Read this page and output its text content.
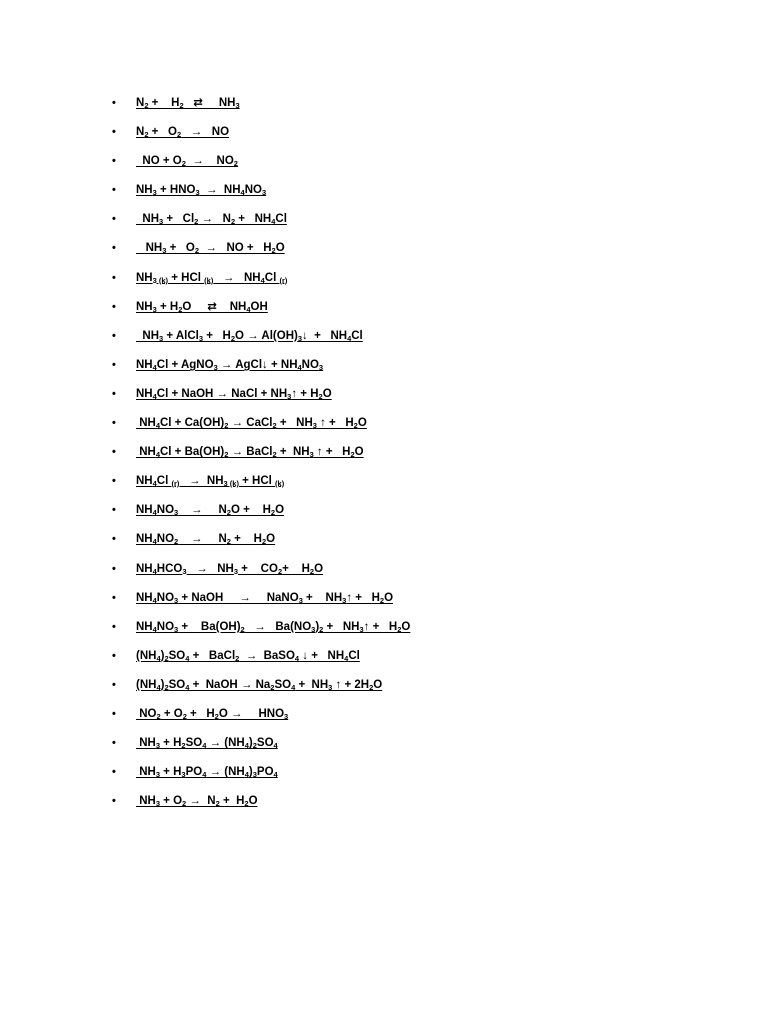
•	$N_2$ +    $H_2$   ⇄     $NH_3$
•	$N_2 + O_2$   →   NO
•	NO + $O_2$  →    $NO_2$
•	$NH_3 + HNO_3 \to NH_4NO_3$
•	$NH_3 + Cl_2 \to N_2 + NH_4Cl$
•	$NH_3 + O_2$  →   NO +   $H_2O$
•	$NH_{3 (k)}$ + HCl $_{(k)} \to NH_4Cl$ $_{(r)}$
•	$NH_3 + H_2O$     ⇄    $NH_4OH$
•	$NH_3$ + AlCl$_3$ +   $H_2O$ → $Al(OH)_3↓ + NH_4Cl$
•	$NH_4Cl$ + AgNO$_3$ → AgCl↓ + $NH_4NO_3$
•	$NH_4Cl$ + NaOH → NaCl + $NH_3↑ + H_2O$
•	$NH_4Cl + Ca(OH)_2$ → CaCl$_2$ +   $NH_3$ ↑ +   $H_2O$
•	$NH_4Cl + Ba(OH)_2$ → BaCl$_2$ +  $NH_3$ ↑ +   $H_2O$
•	$NH_4Cl$ $_{(r)} \to NH_{3 (k)}$ + HCl $_{(k)}$
•	$NH_4NO_3$    →     $N_2O$ +    $H_2O$
•	$NH_4NO_2$    →     $N_2$ +    $H_2O$
•	$NH_4HCO_3 \to NH_3$ +    $CO_2+$    $H_2O$
•	$NH_4NO_3$ + NaOH     →     NaNO$_3$ +    $NH_3↑ + H_2O$
•	$NH_4NO_3$ +    $Ba(OH)_2 \to Ba(NO_3)_2$ +   $NH_3↑ + H_2O$
•	$(NH_4)_2SO_4$ +   BaCl$_2$  →  BaSO$_4$ ↓ +   $NH_4Cl$
•	$(NH_4)_2SO_4$ +  NaOH → $Na_2SO_4 + NH_3$ ↑ + $2H_2O$
•	$NO_2 + O_2 + H_2O$ →     $HNO_3$
•	$NH_3 + H_2SO_4 \to (NH_4)_2SO_4$
•	$NH_3 + H_3PO_4 \to (NH_4)_3PO_4$
•	$NH_3 + O_2 \to N_2 + H_2O$
